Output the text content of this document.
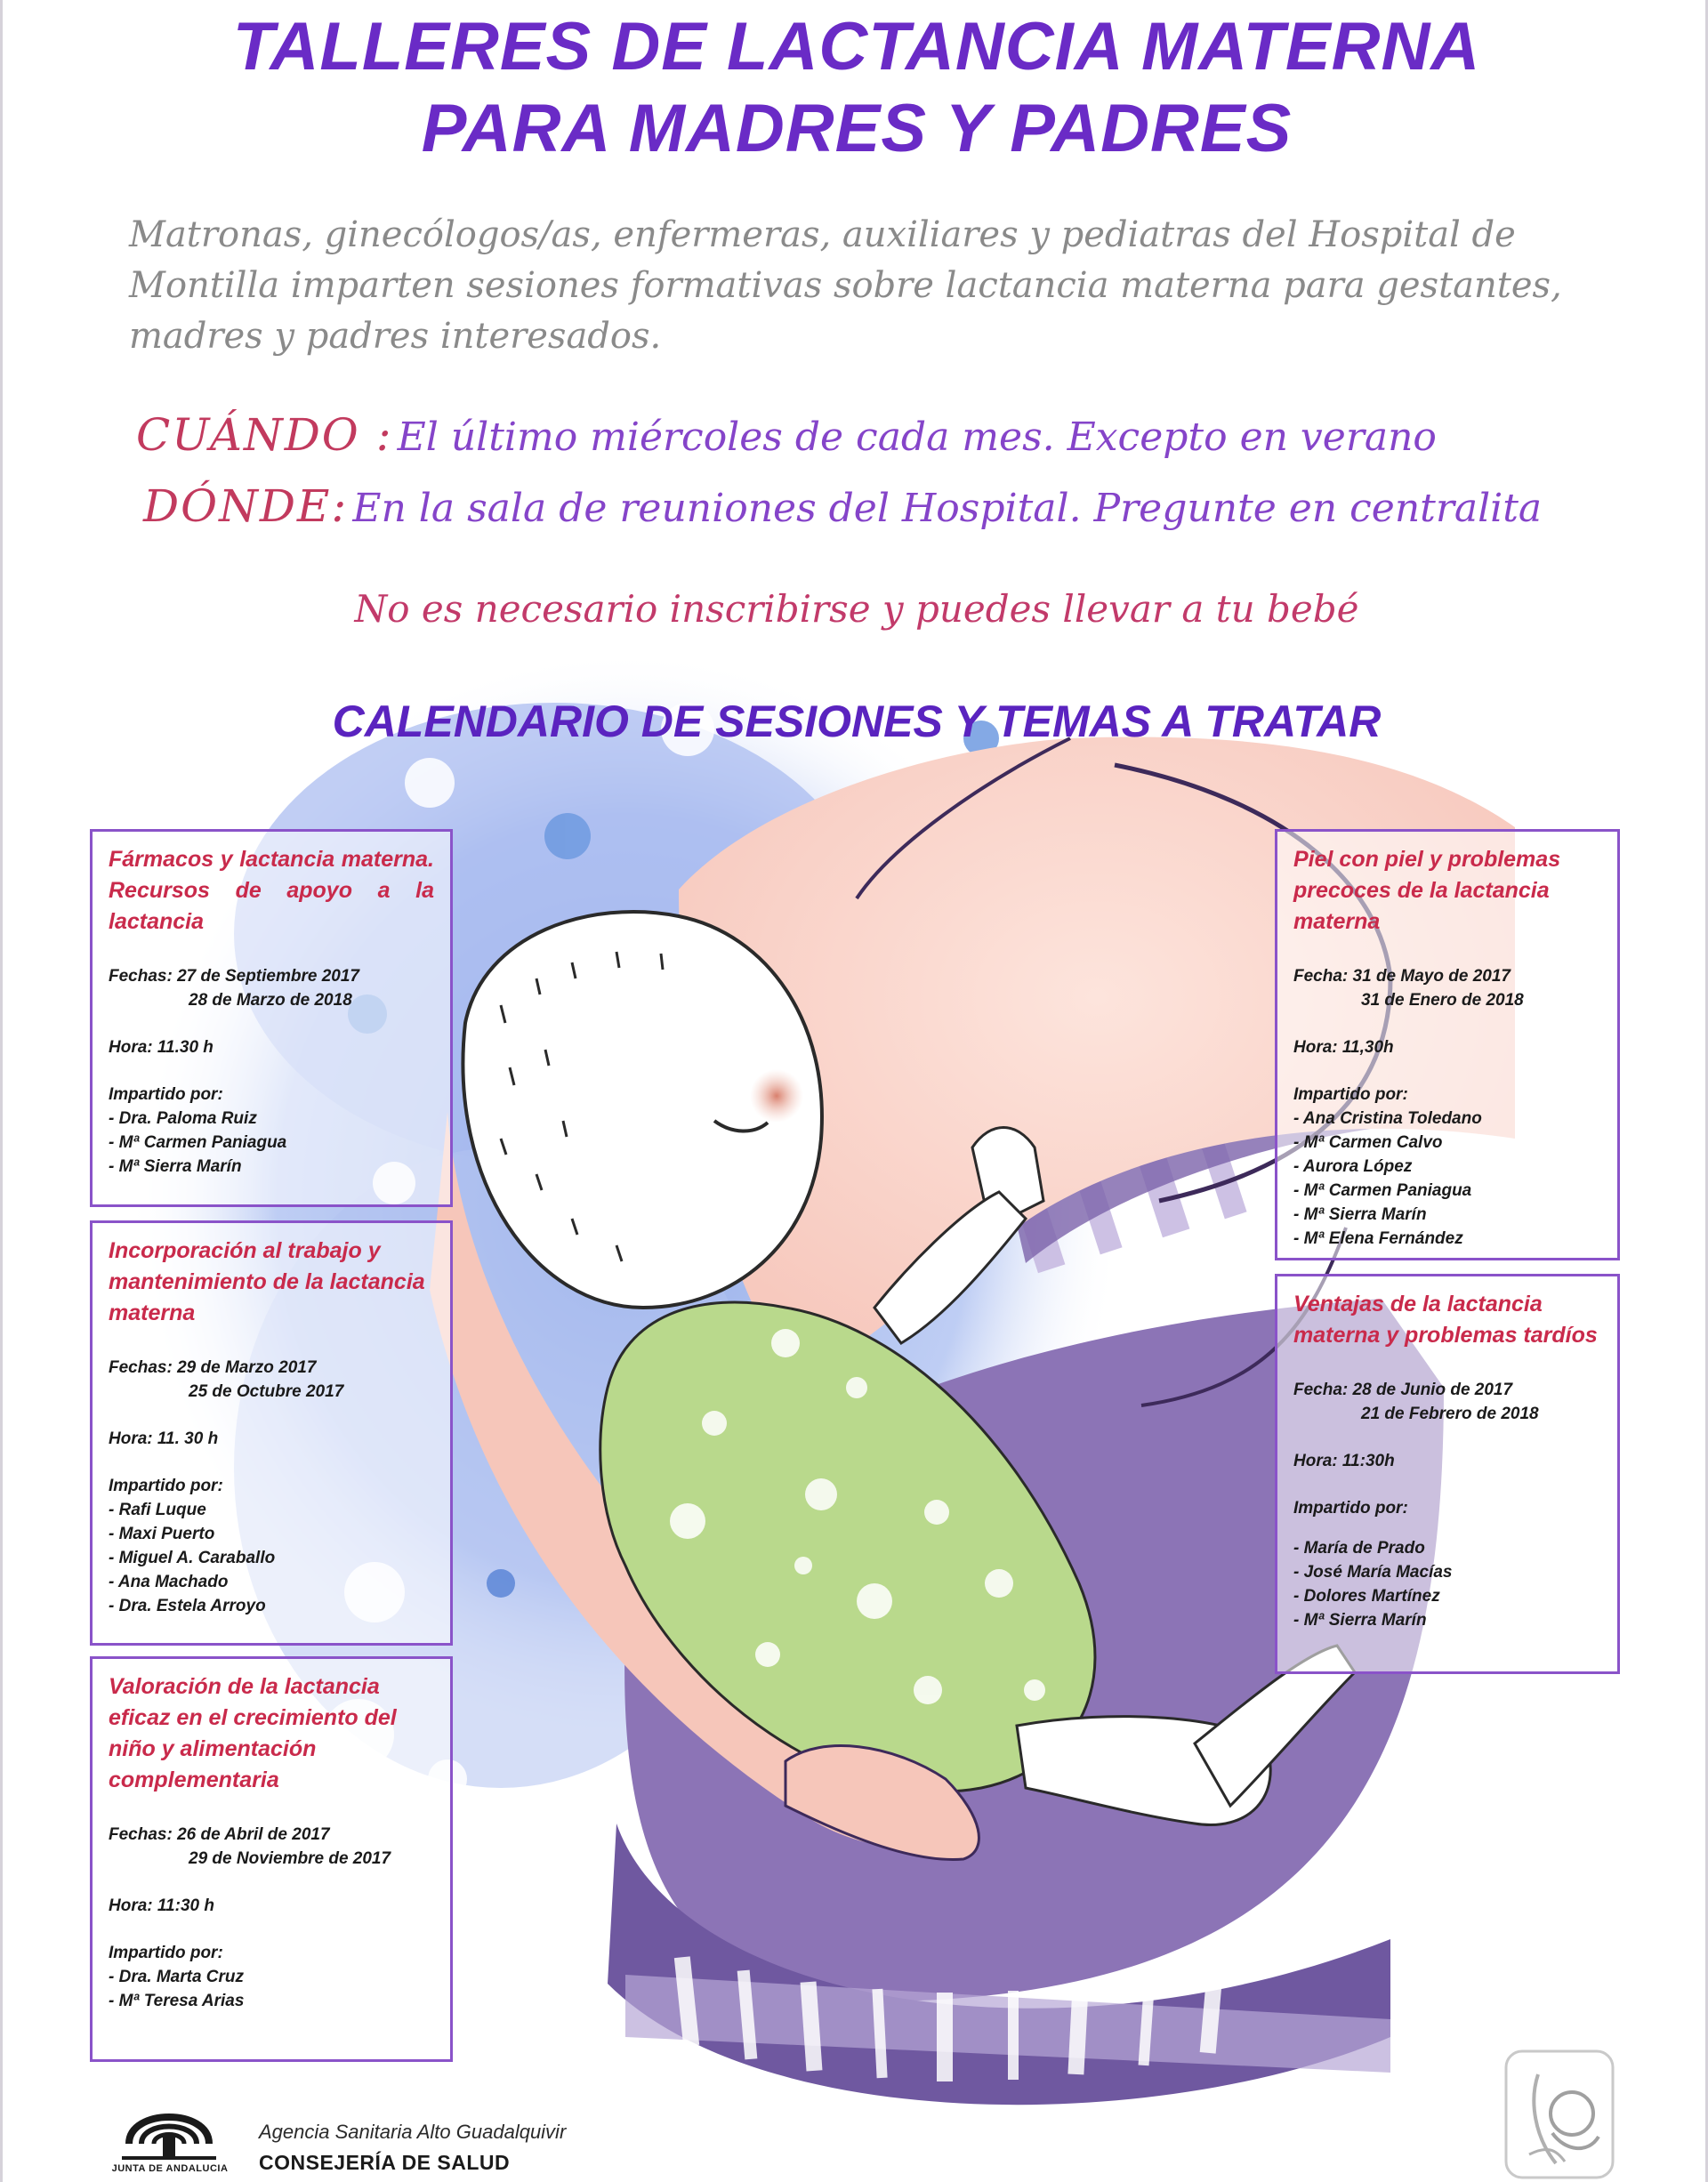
TALLERES DE LACTANCIA MATERNA
PARA MADRES Y PADRES
Matronas, ginecólogos/as, enfermeras, auxiliares y pediatras del Hospital de Montilla imparten sesiones formativas sobre lactancia materna para gestantes, madres y padres interesados.
CUÁNDO : El último miércoles de cada mes. Excepto en verano
DÓNDE: En la sala de reuniones del Hospital. Pregunte en centralita
No es necesario inscribirse y puedes llevar a tu bebé
CALENDARIO DE SESIONES Y TEMAS A TRATAR
Fármacos y lactancia materna. Recursos de apoyo a la lactancia
Fechas: 27 de Septiembre 2017
28 de Marzo de 2018
Hora: 11.30 h
Impartido por:
- Dra. Paloma Ruiz
- Mª Carmen Paniagua
- Mª Sierra Marín
Incorporación al trabajo y mantenimiento de la lactancia materna
Fechas: 29 de Marzo 2017
25 de Octubre 2017
Hora: 11. 30 h
Impartido por:
- Rafi Luque
- Maxi Puerto
- Miguel A. Caraballo
- Ana Machado
- Dra. Estela Arroyo
Valoración de la lactancia eficaz en el crecimiento del niño y alimentación complementaria
Fechas: 26 de Abril de 2017
29 de Noviembre de 2017
Hora: 11:30 h
Impartido por:
- Dra. Marta Cruz
- Mª Teresa Arias
Piel con piel y problemas precoces de la lactancia materna
Fecha: 31 de Mayo de 2017
31 de Enero de 2018
Hora: 11,30h
Impartido por:
- Ana Cristina Toledano
- Mª Carmen Calvo
- Aurora López
- Mª Carmen Paniagua
- Mª Sierra Marín
- Mª Elena Fernández
Ventajas de la lactancia materna y problemas tardíos
Fecha: 28 de Junio de 2017
21 de Febrero de 2018
Hora: 11:30h
Impartido por:
- María de Prado
- José María Macías
- Dolores Martínez
- Mª Sierra Marín
JUNTA DE ANDALUCIA
Agencia Sanitaria Alto Guadalquivir
CONSEJERÍA DE SALUD
